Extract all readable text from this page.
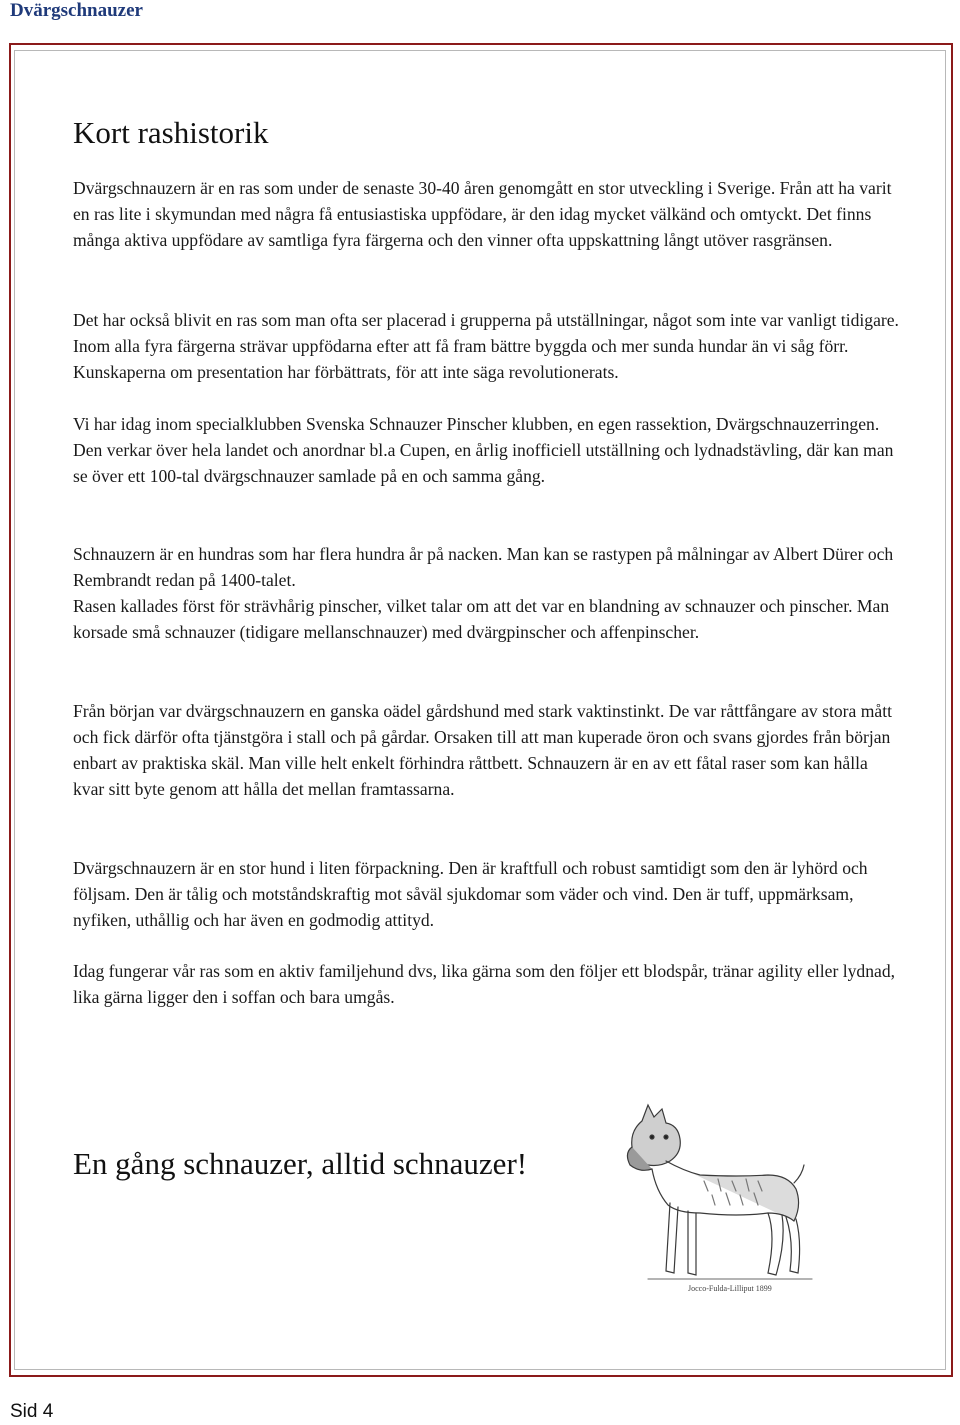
Dvärgschnauzer
Kort rashistorik

Dvärgschnauzern är en ras som under de senaste 30-40 åren genomgått en stor utveckling i Sverige. Från att ha varit en ras lite i skymundan med några få entusiastiska uppfödare, är den idag mycket välkänd och omtyckt. Det finns många aktiva uppfödare av samtliga fyra färgerna och den vinner ofta uppskattning långt utöver rasgränsen.

Det har också blivit en ras som man ofta ser placerad i grupperna på utställningar, något som inte var vanligt tidigare. Inom alla fyra färgerna strävar uppfödarna efter att få fram bättre byggda och mer sunda hundar än vi såg förr. Kunskaperna om presentation har förbättrats, för att inte säga revolutionerats.

Vi har idag inom specialklubben Svenska Schnauzer Pinscher klubben, en egen rassektion, Dvärgschnauzerringen. Den verkar över hela landet och anordnar bl.a Cupen, en årlig inofficiell utställning och lydnadstävling, där kan man se över ett 100-tal dvärgschnauzer samlade på en och samma gång.

Schnauzern är en hundras som har flera hundra år på nacken. Man kan se rastypen på målningar av Albert Dürer och Rembrandt redan på 1400-talet.

Rasen kallades först för strävhårig pinscher, vilket talar om att det var en blandning av schnauzer och pinscher. Man korsade små schnauzer (tidigare mellanschnauzer) med dvärgpinscher och affenpinscher.

Från början var dvärgschnauzern en ganska oädel gårdshund med stark vaktinstinkt. De var råttfångare av stora mått och fick därför ofta tjänstgöra i stall och på gårdar. Orsaken till att man kuperade öron och svans gjordes från början enbart av praktiska skäl. Man ville helt enkelt förhindra råttbett. Schnauzern är en av ett fåtal raser som kan hålla kvar sitt byte genom att hålla det mellan framtassarna.

Dvärgschnauzern är en stor hund i liten förpackning. Den är kraftfull och robust samtidigt som den är lyhörd och följsam. Den är tålig och motståndskraftig mot såväl sjukdomar som väder och vind. Den är tuff, uppmärksam, nyfiken, uthållig och har även en godmodig attityd.

Idag fungerar vår ras som en aktiv familjehund dvs, lika gärna som den följer ett blodspår, tränar agility eller lydnad, lika gärna ligger den i soffan och bara umgås.

En gång schnauzer, alltid schnauzer!
Jocco-Fulda-Lilliput 1899
Sid 4
